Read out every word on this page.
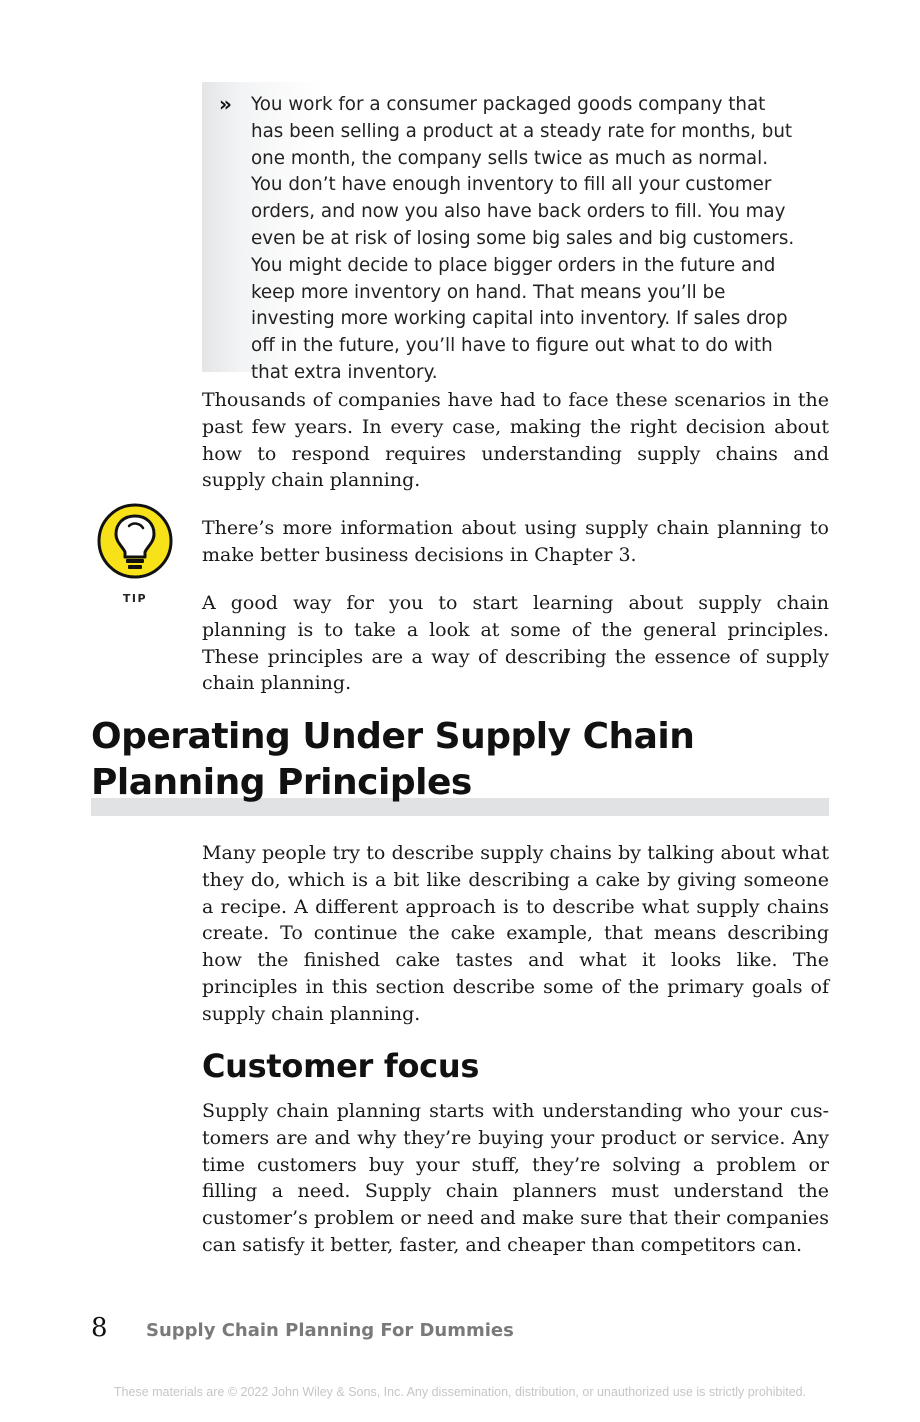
» You work for a consumer packaged goods company that has been selling a product at a steady rate for months, but one month, the company sells twice as much as normal. You don’t have enough inventory to fill all your customer orders, and now you also have back orders to fill. You may even be at risk of losing some big sales and big customers. You might decide to place bigger orders in the future and keep more inventory on hand. That means you’ll be investing more working capital into inventory. If sales drop off in the future, you’ll have to figure out what to do with that extra inventory.

Thousands of companies have had to face these scenarios in the past few years. In every case, making the right decision about how to respond requires understanding supply chains and supply chain planning.

TIP

There’s more information about using supply chain planning to make better business decisions in Chapter 3.

A good way for you to start learning about supply chain planning is to take a look at some of the general principles. These principles are a way of describing the essence of supply chain planning.

Operating Under Supply Chain Planning Principles

Many people try to describe supply chains by talking about what they do, which is a bit like describing a cake by giving someone a recipe. A different approach is to describe what supply chains create. To continue the cake example, that means describing how the finished cake tastes and what it looks like. The principles in this section describe some of the primary goals of supply chain planning.

Customer focus

Supply chain planning starts with understanding who your customers are and why they’re buying your product or service. Any time customers buy your stuff, they’re solving a problem or filling a need. Supply chain planners must understand the customer’s problem or need and make sure that their companies can satisfy it better, faster, and cheaper than competitors can.

8 Supply Chain Planning For Dummies
These materials are © 2022 John Wiley & Sons, Inc. Any dissemination, distribution, or unauthorized use is strictly prohibited.
